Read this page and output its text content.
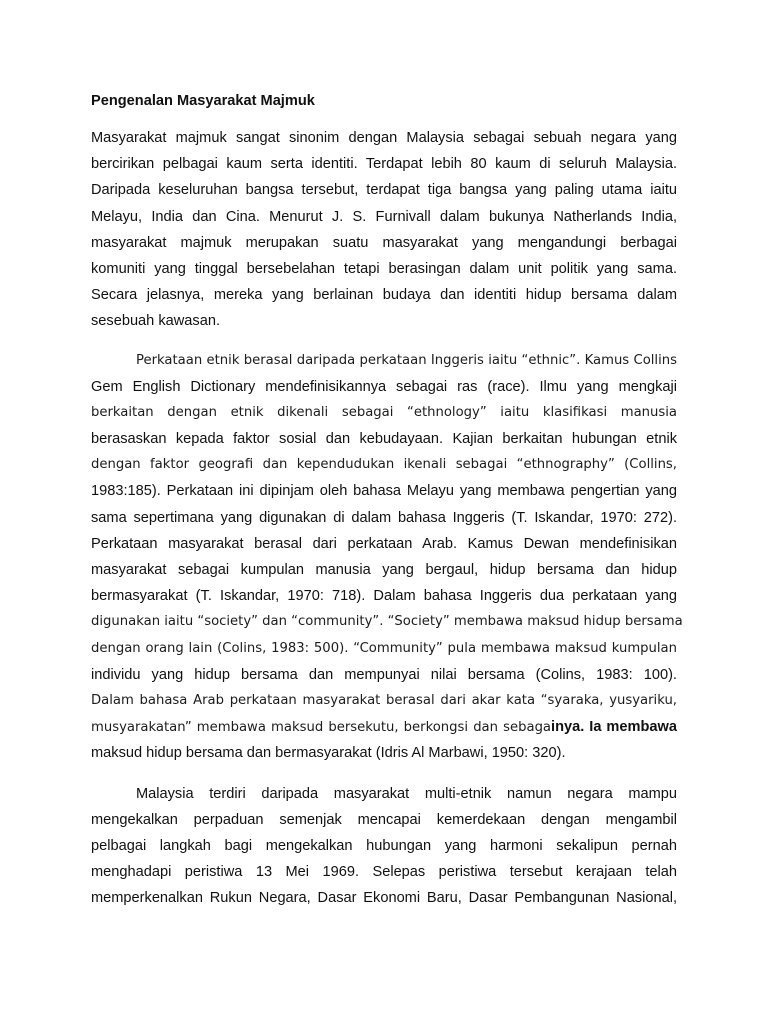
Pengenalan Masyarakat Majmuk
Masyarakat majmuk sangat sinonim dengan Malaysia sebagai sebuah negara yang
bercirikan pelbagai kaum serta identiti. Terdapat lebih 80 kaum di seluruh Malaysia.
Daripada keseluruhan bangsa tersebut, terdapat tiga bangsa yang paling utama iaitu
Melayu, India dan Cina. Menurut J. S. Furnivall dalam bukunya Natherlands India,
masyarakat majmuk merupakan suatu masyarakat yang mengandungi berbagai
komuniti yang tinggal bersebelahan tetapi berasingan dalam unit politik yang sama.
Secara jelasnya, mereka yang berlainan budaya dan identiti hidup bersama dalam
sesebuah kawasan.
Perkataan etnik berasal daripada perkataan Inggeris iaitu “ethnic”. Kamus Collins
Gem English Dictionary mendefinisikannya sebagai ras (race). Ilmu yang mengkaji
berkaitan dengan etnik dikenali sebagai “ethnology” iaitu klasifikasi manusia
berasaskan kepada faktor sosial dan kebudayaan. Kajian berkaitan hubungan etnik
dengan faktor geografi dan kependudukan ikenali sebagai “ethnography” (Collins,
1983:185). Perkataan ini dipinjam oleh bahasa Melayu yang membawa pengertian yang
sama sepertimana yang digunakan di dalam bahasa Inggeris (T. Iskandar, 1970: 272).
Perkataan masyarakat berasal dari perkataan Arab. Kamus Dewan mendefinisikan
masyarakat sebagai kumpulan manusia yang bergaul, hidup bersama dan hidup
bermasyarakat (T. Iskandar, 1970: 718). Dalam bahasa Inggeris dua perkataan yang
digunakan iaitu “society” dan “community”. “Society” membawa maksud hidup bersama
dengan orang lain (Colins, 1983: 500). “Community” pula membawa maksud kumpulan
individu yang hidup bersama dan mempunyai nilai bersama (Colins, 1983: 100).
Dalam bahasa Arab perkataan masyarakat berasal dari akar kata “syaraka, yusyariku,
musyarakatan” membawa maksud bersekutu, berkongsi dan sebagainya. Ia membawa
maksud hidup bersama dan bermasyarakat (Idris Al Marbawi, 1950: 320).
Malaysia terdiri daripada masyarakat multi-etnik namun negara mampu
mengekalkan perpaduan semenjak mencapai kemerdekaan dengan mengambil
pelbagai langkah bagi mengekalkan hubungan yang harmoni sekalipun pernah
menghadapi peristiwa 13 Mei 1969. Selepas peristiwa tersebut kerajaan telah
memperkenalkan Rukun Negara, Dasar Ekonomi Baru, Dasar Pembangunan Nasional,
